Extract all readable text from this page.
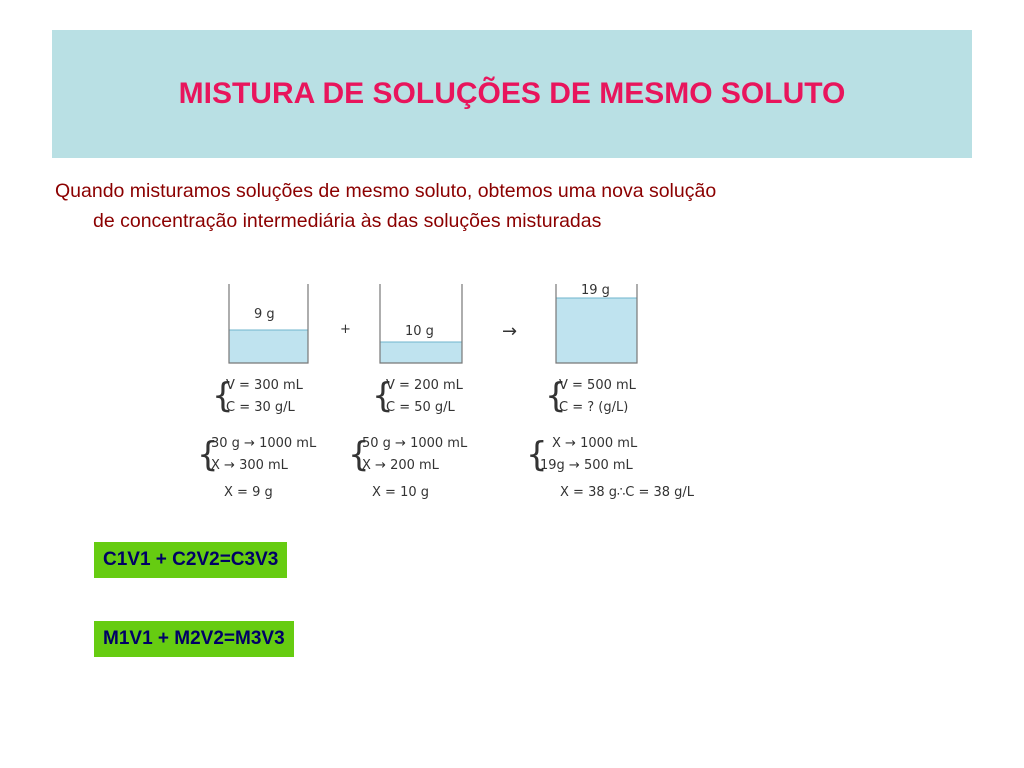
MISTURA DE SOLUÇÕES DE MESMO SOLUTO
Quando misturamos soluções de mesmo soluto, obtemos uma nova solução
de concentração intermediária às das soluções misturadas
9 g
+	10 g	→
19 g
{
V = 300 mL
C = 30 g/L
{
30 g → 1000 mL
X → 300 mL
X = 9 g
{
V = 200 mL
C = 50 g/L
{
50 g → 1000 mL
X → 200 mL
X = 10 g
{
V = 500 mL
C = ? (g/L)
{ X → 1000 mL
19g → 500 mL
X = 38 g∴C = 38 g/L
C1V1 + C2V2=C3V3
M1V1 + M2V2=M3V3
